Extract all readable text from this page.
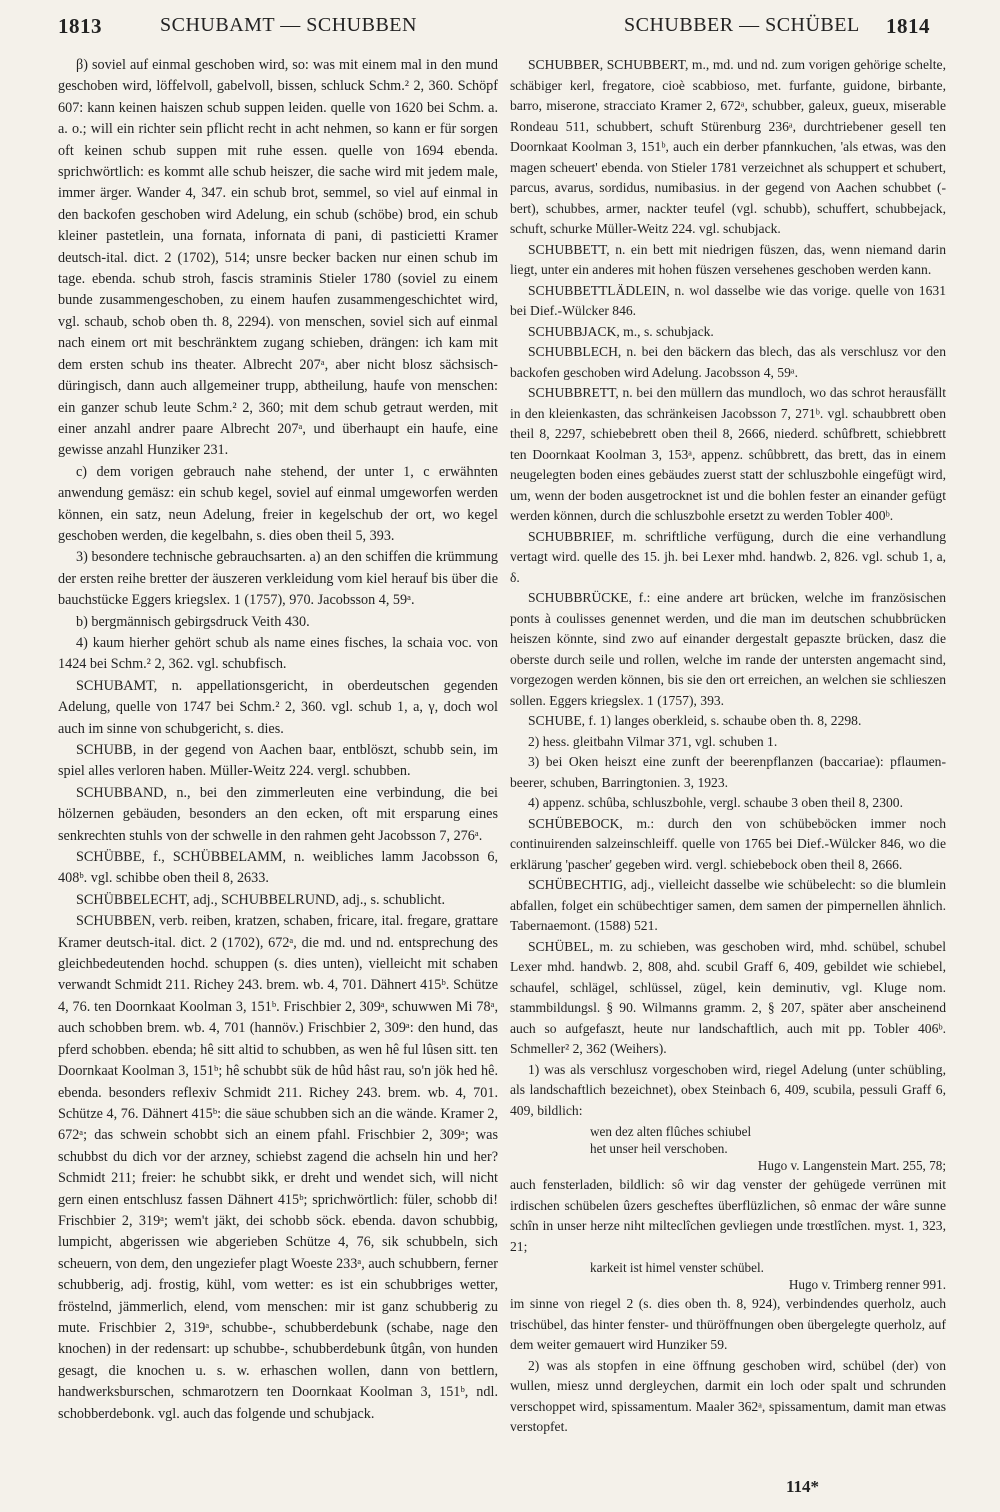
1813	SCHUBAMT — SCHUBBEN	SCHUBBER — SCHÜBEL 1814

β) soviel auf einmal geschoben wird, so: was mit einem mal in den mund geschoben wird, löffelvoll, gabelvoll, bissen, schluck Schm.² 2, 360. Schöpf 607: kann keinen haiszen schub suppen leiden. quelle von 1620 bei Schm. a. a. o.; will ein richter sein pflicht recht in acht nehmen, so kann er für sorgen oft keinen schub suppen mit ruhe essen. quelle von 1694 ebenda. sprichwörtlich: es kommt alle schub heiszer, die sache wird mit jedem male, immer ärger. Wander 4, 347. ein schub brot, semmel, so viel auf einmal in den backofen geschoben wird Adelung, ein schub (schöbe) brod, ein schub kleiner pastetlein, una fornata, infornata di pani, di pasticietti Kramer deutsch-ital. dict. 2 (1702), 514; unsre becker backen nur einen schub im tage. ebenda. schub stroh, fascis straminis Stieler 1780 (soviel zu einem bunde zusammengeschoben, zu einem haufen zusammengeschichtet wird, vgl. schaub, schob oben th. 8, 2294). von menschen, soviel sich auf einmal nach einem ort mit beschränktem zugang schieben, drängen: ich kam mit dem ersten schub ins theater. Albrecht 207ᵃ, aber nicht blosz sächsisch-düringisch, dann auch allgemeiner trupp, abtheilung, haufe von menschen: ein ganzer schub leute Schm.² 2, 360; mit dem schub getraut werden, mit einer anzahl andrer paare Albrecht 207ᵃ, und überhaupt ein haufe, eine gewisse anzahl Hunziker 231.

c) dem vorigen gebrauch nahe stehend, der unter 1, c erwähnten anwendung gemäsz: ein schub kegel, soviel auf einmal umgeworfen werden können, ein satz, neun Adelung, freier in kegelschub der ort, wo kegel geschoben werden, die kegelbahn, s. dies oben theil 5, 393.

3) besondere technische gebrauchsarten. a) an den schiffen die krümmung der ersten reihe bretter der äuszeren verkleidung vom kiel herauf bis über die bauchstücke Eggers kriegslex. 1 (1757), 970. Jacobsson 4, 59ᵃ.

b) bergmännisch gebirgsdruck Veith 430.

4) kaum hierher gehört schub als name eines fisches, la schaia voc. von 1424 bei Schm.² 2, 362. vgl. schubfisch.

SCHUBAMT, n. appellationsgericht, in oberdeutschen gegenden Adelung, quelle von 1747 bei Schm.² 2, 360. vgl. schub 1, a, γ, doch wol auch im sinne von schubgericht, s. dies.

SCHUBB, in der gegend von Aachen baar, entblöszt, schubb sein, im spiel alles verloren haben. Müller-Weitz 224. vergl. schubben.

SCHUBBAND, n., bei den zimmerleuten eine verbindung, die bei hölzernen gebäuden, besonders an den ecken, oft mit ersparung eines senkrechten stuhls von der schwelle in den rahmen geht Jacobsson 7, 276ᵃ.

SCHÜBBE, f., SCHÜBBELAMM, n. weibliches lamm Jacobsson 6, 408ᵇ. vgl. schibbe oben theil 8, 2633.

SCHÜBBELECHT, adj., SCHUBBELRUND, adj., s. schublicht.

SCHUBBEN, verb. reiben, kratzen, schaben, fricare, ital. fregare, grattare Kramer deutsch-ital. dict. 2 (1702), 672ᵃ, die md. und nd. entsprechung des gleichbedeutenden hochd. schuppen (s. dies unten), vielleicht mit schaben verwandt Schmidt 211. Richey 243. brem. wb. 4, 701. Dähnert 415ᵇ. Schütze 4, 76. ten Doornkaat Koolman 3, 151ᵇ. Frischbier 2, 309ᵃ, schuwwen Mi 78ᵃ, auch schobben brem. wb. 4, 701 (hannöv.) Frischbier 2, 309ᵃ: den hund, das pferd schobben. ebenda; hê sitt altid to schubben, as wen hê ful lûsen sitt. ten Doornkaat Koolman 3, 151ᵇ; hê schubbt sük de hûd hâst rau, so'n jök hed hê. ebenda. besonders reflexiv Schmidt 211. Richey 243. brem. wb. 4, 701. Schütze 4, 76. Dähnert 415ᵇ: die säue schubben sich an die wände. Kramer 2, 672ᵃ; das schwein schobbt sich an einem pfahl. Frischbier 2, 309ᵃ; was schubbst du dich vor der arzney, schiebst zagend die achseln hin und her? Schmidt 211; freier: he schubbt sikk, er dreht und wendet sich, will nicht gern einen entschlusz fassen Dähnert 415ᵇ; sprichwörtlich: füler, schobb di! Frischbier 2, 319ᵃ; wem't jäkt, dei schobb söck. ebenda. davon schubbig, lumpicht, abgerissen wie abgerieben Schütze 4, 76, sik schubbeln, sich scheuern, von dem, den ungeziefer plagt Woeste 233ᵃ, auch schubbern, ferner schubberig, adj. frostig, kühl, vom wetter: es ist ein schubbriges wetter, fröstelnd, jämmerlich, elend, vom menschen: mir ist ganz schubberig zu mute. Frischbier 2, 319ᵃ, schubbe-, schubberdebunk (schabe, nage den knochen) in der redensart: up schubbe-, schubberdebunk ûtgân, von hunden gesagt, die knochen u. s. w. erhaschen wollen, dann von bettlern, handwerksburschen, schmarotzern ten Doornkaat Koolman 3, 151ᵇ, ndl. schobberdebonk. vgl. auch das folgende und schubjack.

SCHUBBER, SCHUBBERT, m., md. und nd. zum vorigen gehörige schelte, schäbiger kerl, fregatore, cioè scabbioso, met. furfante, guidone, birbante, barro, miserone, stracciato Kramer 2, 672ᵃ, schubber, galeux, gueux, miserable Rondeau 511, schubbert, schuft Stürenburg 236ᵃ, durchtriebener gesell ten Doornkaat Koolman 3, 151ᵇ, auch ein derber pfannkuchen, 'als etwas, was den magen scheuert' ebenda. von Stieler 1781 verzeichnet als schuppert et schubert, parcus, avarus, sordidus, numibasius. in der gegend von Aachen schubbet (-bert), schubbes, armer, nackter teufel (vgl. schubb), schuffert, schubbejack, schuft, schurke Müller-Weitz 224. vgl. schubjack.

SCHUBBETT, n. ein bett mit niedrigen füszen, das, wenn niemand darin liegt, unter ein anderes mit hohen füszen versehenes geschoben werden kann.

SCHUBBETTLÄDLEIN, n. wol dasselbe wie das vorige. quelle von 1631 bei Dief.-Wülcker 846.

SCHUBBJACK, m., s. schubjack.

SCHUBBLECH, n. bei den bäckern das blech, das als verschlusz vor den backofen geschoben wird Adelung. Jacobsson 4, 59ᵃ.

SCHUBBRETT, n. bei den müllern das mundloch, wo das schrot herausfällt in den kleienkasten, das schränkeisen Jacobsson 7, 271ᵇ. vgl. schaubbrett oben theil 8, 2297, schiebebrett oben theil 8, 2666, niederd. schûfbrett, schiebbrett ten Doornkaat Koolman 3, 153ᵃ, appenz. schûbbrett, das brett, das in einem neugelegten boden eines gebäudes zuerst statt der schluszbohle eingefügt wird, um, wenn der boden ausgetrocknet ist und die bohlen fester an einander gefügt werden können, durch die schluszbohle ersetzt zu werden Tobler 400ᵇ.

SCHUBBRIEF, m. schriftliche verfügung, durch die eine verhandlung vertagt wird. quelle des 15. jh. bei Lexer mhd. handwb. 2, 826. vgl. schub 1, a, δ.

SCHUBBRÜCKE, f.: eine andere art brücken, welche im französischen ponts à coulisses genennet werden, und die man im deutschen schubbrücken heiszen könnte, sind zwo auf einander dergestalt gepaszte brücken, dasz die oberste durch seile und rollen, welche im rande der untersten angemacht sind, vorgezogen werden können, bis sie den ort erreichen, an welchen sie schlieszen sollen. Eggers kriegslex. 1 (1757), 393.

SCHUBE, f. 1) langes oberkleid, s. schaube oben th. 8, 2298.

2) hess. gleitbahn Vilmar 371, vgl. schuben 1.

3) bei Oken heiszt eine zunft der beerenpflanzen (baccariae): pflaumen-beerer, schuben, Barringtonien. 3, 1923.

4) appenz. schûba, schluszbohle, vergl. schaube 3 oben theil 8, 2300.

SCHÜBEBOCK, m.: durch den von schübeböcken immer noch continuirenden salzeinschleiff. quelle von 1765 bei Dief.-Wülcker 846, wo die erklärung 'pascher' gegeben wird. vergl. schiebebock oben theil 8, 2666.

SCHÜBECHTIG, adj., vielleicht dasselbe wie schübelecht: so die blumlein abfallen, folget ein schübechtiger samen, dem samen der pimpernellen ähnlich. Tabernaemont. (1588) 521.

SCHÜBEL, m. zu schieben, was geschoben wird, mhd. schübel, schubel Lexer mhd. handwb. 2, 808, ahd. scubil Graff 6, 409, gebildet wie schiebel, schaufel, schlägel, schlüssel, zügel, kein deminutiv, vgl. Kluge nom. stammbildungsl. § 90. Wilmanns gramm. 2, § 207, später aber anscheinend auch so aufgefaszt, heute nur landschaftlich, auch mit pp. Tobler 406ᵇ. Schmeller² 2, 362 (Weihers).

1) was als verschlusz vorgeschoben wird, riegel Adelung (unter schübling, als landschaftlich bezeichnet), obex Steinbach 6, 409, scubila, pessuli Graff 6, 409, bildlich:

wen dez alten flûches schiubel

het unser heil verschoben.

Hugo v. Langenstein Mart. 255, 78;

auch fensterladen, bildlich: sô wir dag venster der gehügede verrünen mit irdischen schübelen ûzers gescheftes überflüzlichen, sô enmac der wâre sunne schîn in unser herze niht milteclîchen gevliegen unde trœstlîchen. myst. 1, 323, 21;

karkeit ist himel venster schübel.

Hugo v. Trimberg renner 991.

im sinne von riegel 2 (s. dies oben th. 8, 924), verbindendes querholz, auch trischübel, das hinter fenster- und thüröffnungen oben übergelegte querholz, auf dem weiter gemauert wird Hunziker 59.

2) was als stopfen in eine öffnung geschoben wird, schübel (der) von wullen, miesz unnd dergleychen, darmit ein loch oder spalt und schrunden verschoppet wird, spissamentum. Maaler 362ᵃ, spissamentum, damit man etwas verstopfet.

114*
